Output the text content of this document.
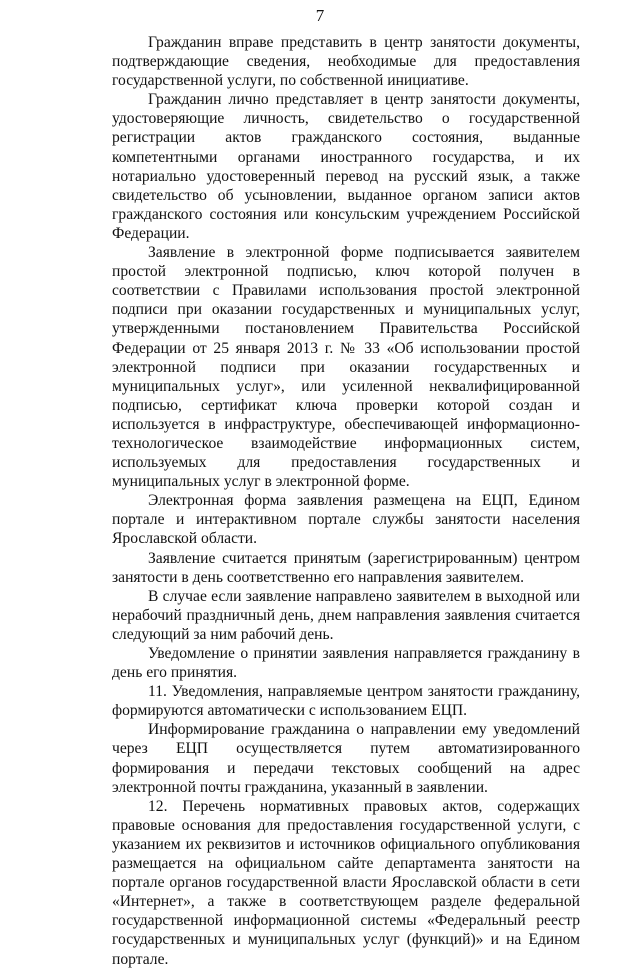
7

Гражданин вправе представить в центр занятости документы, подтверждающие сведения, необходимые для предоставления государственной услуги, по собственной инициативе.

Гражданин лично представляет в центр занятости документы, удостоверяющие личность, свидетельство о государственной регистрации актов гражданского состояния, выданные компетентными органами иностранного государства, и их нотариально удостоверенный перевод на русский язык, а также свидетельство об усыновлении, выданное органом записи актов гражданского состояния или консульским учреждением Российской Федерации.

Заявление в электронной форме подписывается заявителем простой электронной подписью, ключ которой получен в соответствии с Правилами использования простой электронной подписи при оказании государственных и муниципальных услуг, утвержденными постановлением Правительства Российской Федерации от 25 января 2013 г. № 33 «Об использовании простой электронной подписи при оказании государственных и муниципальных услуг», или усиленной неквалифицированной подписью, сертификат ключа проверки которой создан и используется в инфраструктуре, обеспечивающей информационно-технологическое взаимодействие информационных систем, используемых для предоставления государственных и муниципальных услуг в электронной форме.

Электронная форма заявления размещена на ЕЦП, Едином портале и интерактивном портале службы занятости населения Ярославской области.

Заявление считается принятым (зарегистрированным) центром занятости в день соответственно его направления заявителем.

В случае если заявление направлено заявителем в выходной или нерабочий праздничный день, днем направления заявления считается следующий за ним рабочий день.

Уведомление о принятии заявления направляется гражданину в день его принятия.

11. Уведомления, направляемые центром занятости гражданину, формируются автоматически с использованием ЕЦП.

Информирование гражданина о направлении ему уведомлений через ЕЦП осуществляется путем автоматизированного формирования и передачи текстовых сообщений на адрес электронной почты гражданина, указанный в заявлении.

12. Перечень нормативных правовых актов, содержащих правовые основания для предоставления государственной услуги, с указанием их реквизитов и источников официального опубликования размещается на официальном сайте департамента занятости на портале органов государственной власти Ярославской области в сети «Интернет», а также в соответствующем разделе федеральной государственной информационной системы «Федеральный реестр государственных и муниципальных услуг (функций)» и на Едином портале.
